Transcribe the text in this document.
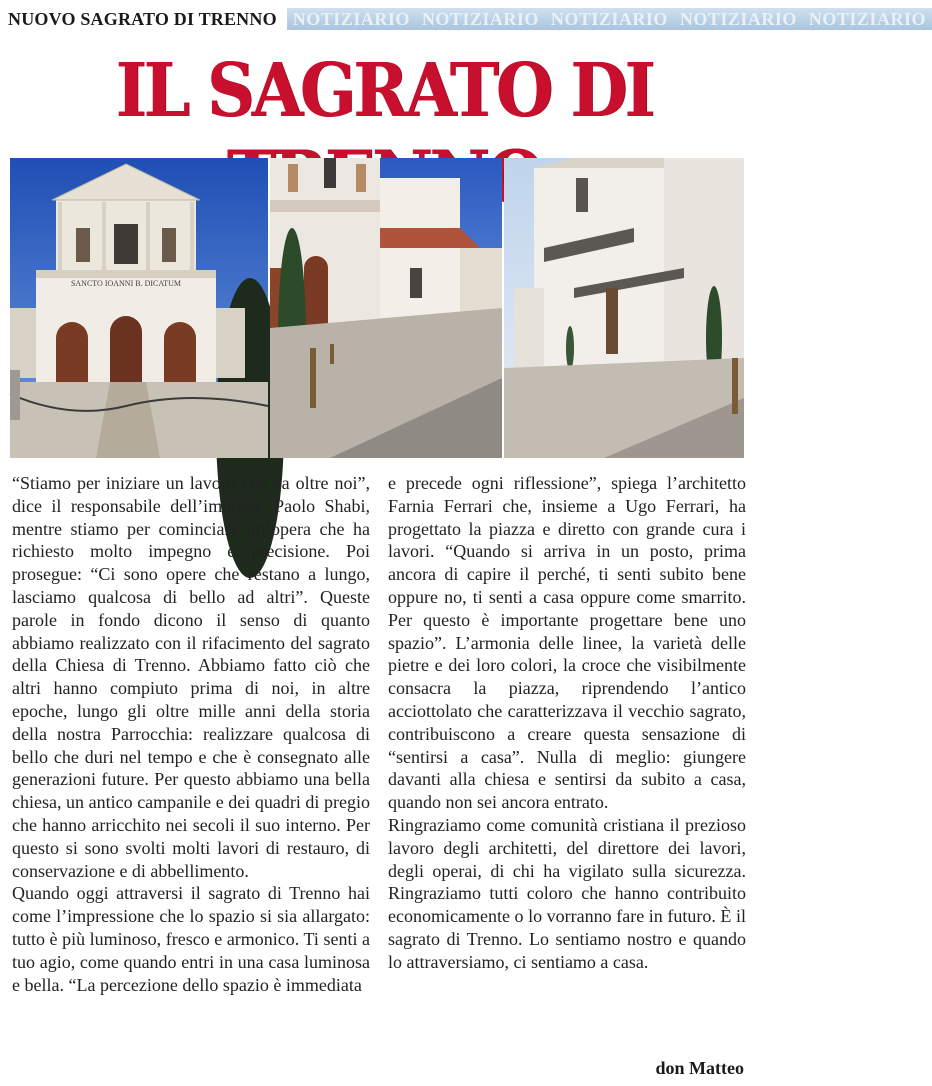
NUOVO SAGRATO DI TRENNO NOTIZIARIO NOTIZIARIO NOTIZIARIO NOTIZIARIO NOTIZIARIO
IL SAGRATO DI
SANCTO IOANNI B. DICATUM

“Stiamo per iniziare un lavoro che va oltre noi”, dice il responsabile dell’impresa, Paolo Shabi, mentre stiamo per cominciare un’opera che ha richiesto molto impegno e precisione. Poi prosegue: “Ci sono opere che restano a lungo, lasciamo qualcosa di bello ad altri”. Queste parole in fondo dicono il senso di quanto abbiamo realizzato con il rifacimento del sagrato della Chiesa di Trenno. Abbiamo fatto ciò che altri hanno compiuto prima di noi, in altre epoche, lungo gli oltre mille anni della storia della nostra Parrocchia: realizzare qualcosa di bello che duri nel tempo e che è consegnato alle generazioni future. Per questo abbiamo una bella chiesa, un antico campanile e dei quadri di pregio che hanno arricchito nei secoli il suo interno. Per questo si sono svolti molti lavori di restauro, di conservazione e di abbellimento.

Quando oggi attraversi il sagrato di Trenno hai come l’impressione che lo spazio si sia allargato: tutto è più luminoso, fresco e armonico. Ti senti a tuo agio, come quando entri in una casa luminosa e bella. “La percezione dello spazio è immediata

e precede ogni riflessione”, spiega l’architetto Farnia Ferrari che, insieme a Ugo Ferrari, ha progettato la piazza e diretto con grande cura i lavori. “Quando si arriva in un posto, prima ancora di capire il perché, ti senti subito bene oppure no, ti senti a casa oppure come smarrito. Per questo è importante progettare bene uno spazio”. L’armonia delle linee, la varietà delle pietre e dei loro colori, la croce che visibilmente consacra la piazza, riprendendo l’antico acciottolato che caratterizzava il vecchio sagrato, contribuiscono a creare questa sensazione di “sentirsi a casa”. Nulla di meglio: giungere davanti alla chiesa e sentirsi da subito a casa, quando non sei ancora entrato.

Ringraziamo come comunità cristiana il prezioso lavoro degli architetti, del direttore dei lavori, degli operai, di chi ha vigilato sulla sicurezza. Ringraziamo tutti coloro che hanno contribuito economicamente o lo vorranno fare in futuro. È il sagrato di Trenno. Lo sentiamo nostro e quando lo attraversiamo, ci sentiamo a casa.

don Matteo
